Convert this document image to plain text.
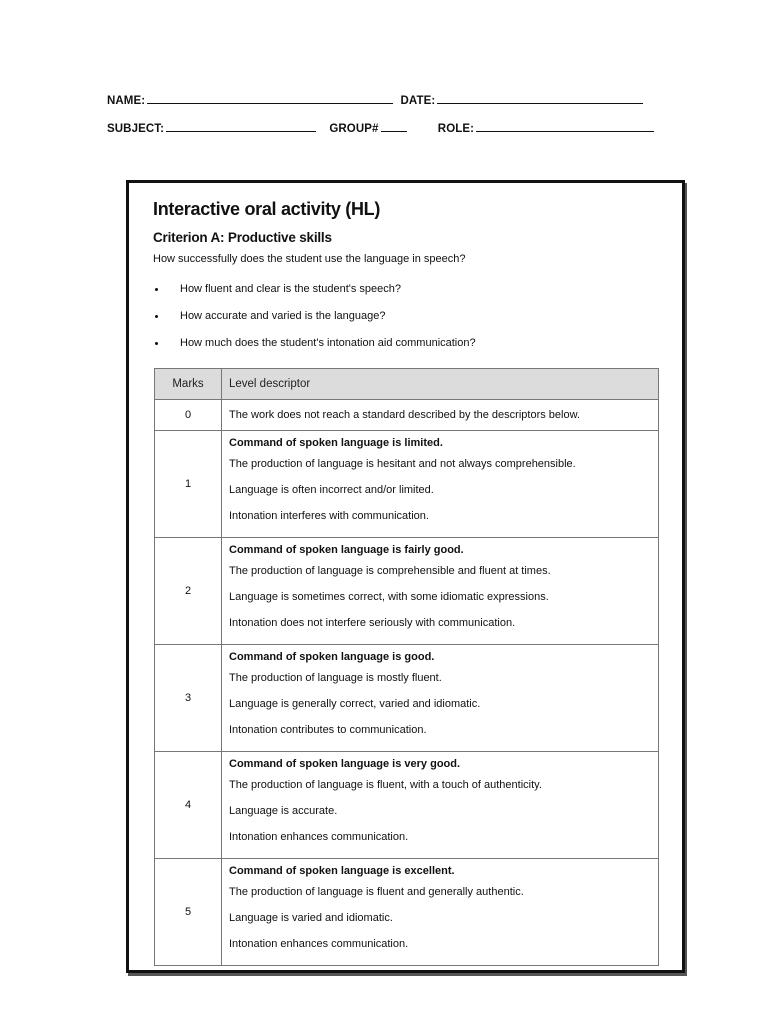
NAME:	DATE:
SUBJECT:	GROUP#	ROLE:
Interactive oral activity (HL)
Criterion A: Productive skills
How successfully does the student use the language in speech?
How fluent and clear is the student's speech?
How accurate and varied is the language?
How much does the student's intonation aid communication?
Marks	Level descriptor
0	The work does not reach a standard described by the descriptors below.
1	Command of spoken language is limited.
The production of language is hesitant and not always comprehensible.
Language is often incorrect and/or limited.
Intonation interferes with communication.

2	Command of spoken language is fairly good.
The production of language is comprehensible and fluent at times.
Language is sometimes correct, with some idiomatic expressions.
Intonation does not interfere seriously with communication.

3	Command of spoken language is good.
The production of language is mostly fluent.
Language is generally correct, varied and idiomatic.
Intonation contributes to communication.

4	Command of spoken language is very good.
The production of language is fluent, with a touch of authenticity.
Language is accurate.
Intonation enhances communication.

5	Command of spoken language is excellent.
The production of language is fluent and generally authentic.
Language is varied and idiomatic.
Intonation enhances communication.
